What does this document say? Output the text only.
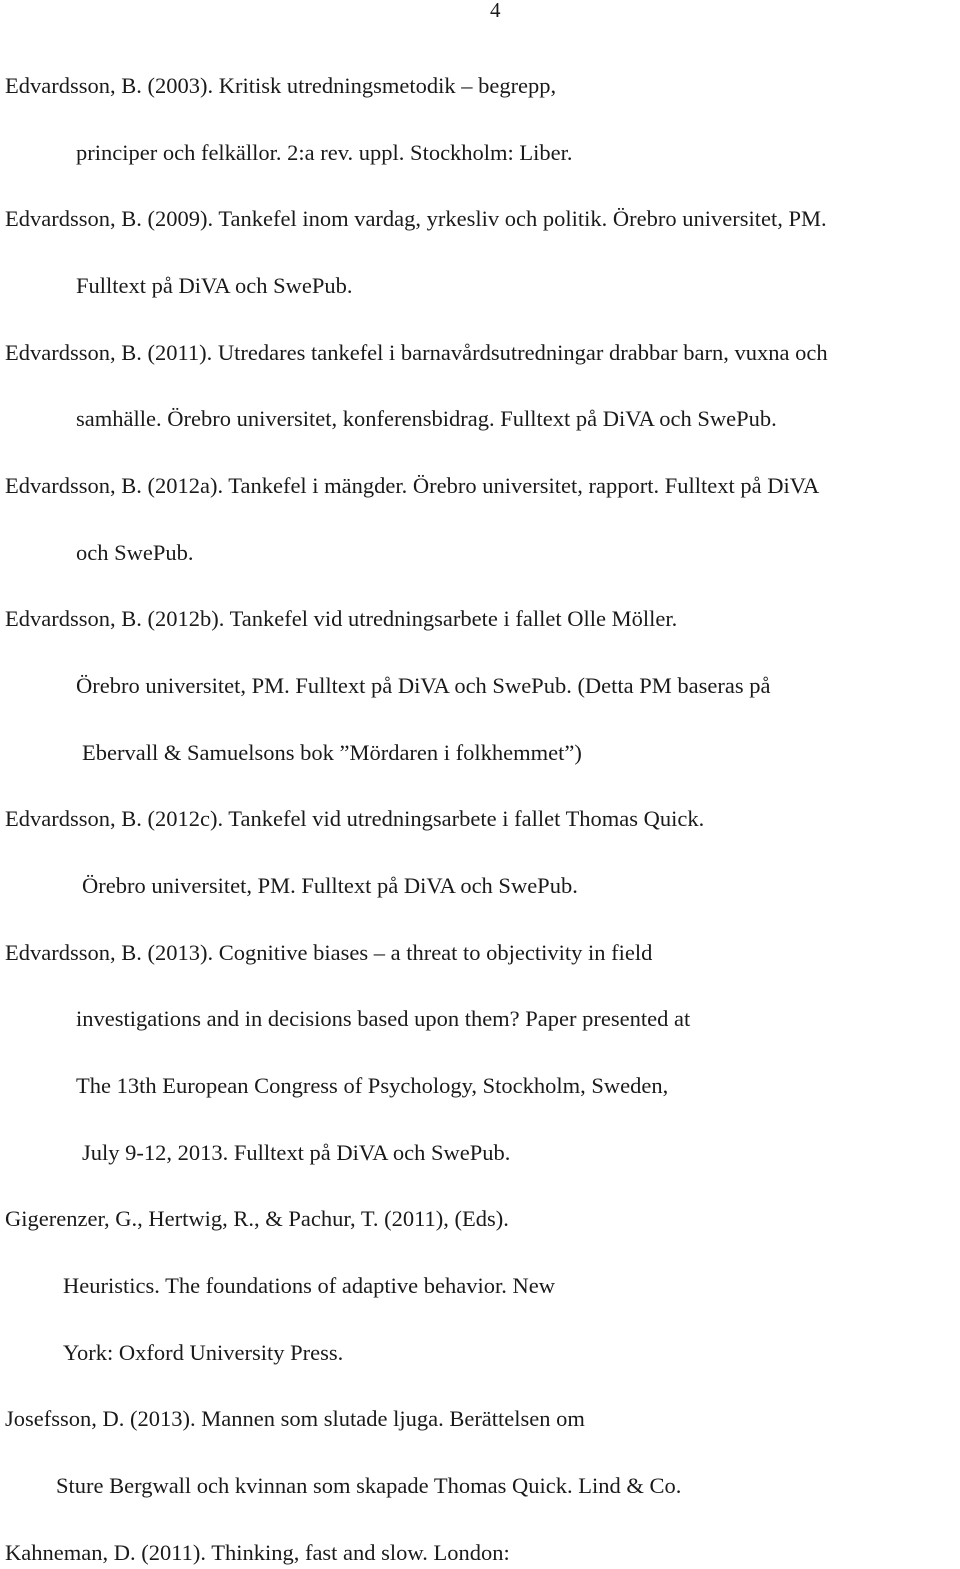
4
Edvardsson, B. (2003). Kritisk utredningsmetodik – begrepp,
principer och felkällor. 2:a rev. uppl. Stockholm: Liber.
Edvardsson, B. (2009). Tankefel inom vardag, yrkesliv och politik. Örebro universitet, PM.
Fulltext på DiVA och SwePub.
Edvardsson, B. (2011). Utredares tankefel i barnavårdsutredningar drabbar barn, vuxna och
samhälle. Örebro universitet, konferensbidrag. Fulltext på DiVA och SwePub.
Edvardsson, B. (2012a). Tankefel i mängder. Örebro universitet, rapport. Fulltext på DiVA
och SwePub.
Edvardsson, B. (2012b). Tankefel vid utredningsarbete i fallet Olle Möller.
Örebro universitet, PM. Fulltext på DiVA och SwePub. (Detta PM baseras på
Ebervall & Samuelsons bok ”Mördaren i folkhemmet”)
Edvardsson, B. (2012c). Tankefel vid utredningsarbete i fallet Thomas Quick.
Örebro universitet, PM. Fulltext på DiVA och SwePub.
Edvardsson, B. (2013). Cognitive biases – a threat to objectivity in field
investigations and in decisions based upon them? Paper presented at
The 13th European Congress of Psychology, Stockholm, Sweden,
July 9-12, 2013. Fulltext på DiVA och SwePub.
Gigerenzer, G., Hertwig, R., & Pachur, T. (2011), (Eds).
Heuristics. The foundations of adaptive behavior. New
York: Oxford University Press.
Josefsson, D. (2013). Mannen som slutade ljuga. Berättelsen om
Sture Bergwall och kvinnan som skapade Thomas Quick. Lind & Co.
Kahneman, D. (2011). Thinking, fast and slow. London:
